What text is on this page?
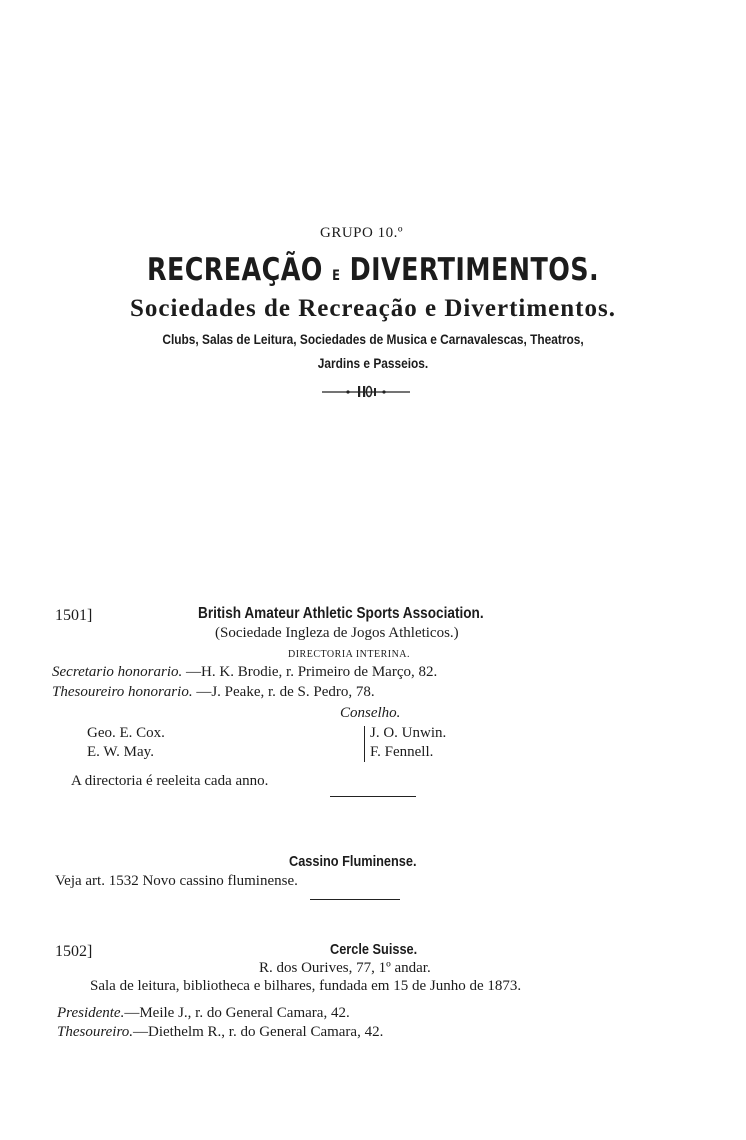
GRUPO 10.º
RECREAÇÃO E DIVERTIMENTOS.
Sociedades de Recreação e Divertimentos.
Clubs, Salas de Leitura, Sociedades de Musica e Carnavalescas, Theatros,
Jardins e Passeios.
1501]	British Amateur Athletic Sports Association.
(Sociedade Ingleza de Jogos Athleticos.)
DIRECTORIA INTERINA.
Secretario honorario. —H. K. Brodie, r. Primeiro de Março, 82.
Thesoureiro honorario. —J. Peake, r. de S. Pedro, 78.
Conselho.
Geo. E. Cox.
E. W. May.
J. O. Unwin.
F. Fennell.
A directoria é reeleita cada anno.
Cassino Fluminense.
Veja art. 1532 Novo cassino fluminense.
1502]	Cercle Suisse.
R. dos Ourives, 77, 1º andar.
Sala de leitura, bibliotheca e bilhares, fundada em 15 de Junho de 1873.
Presidente.—Meile J., r. do General Camara, 42.
Thesoureiro.—Diethelm R., r. do General Camara, 42.
